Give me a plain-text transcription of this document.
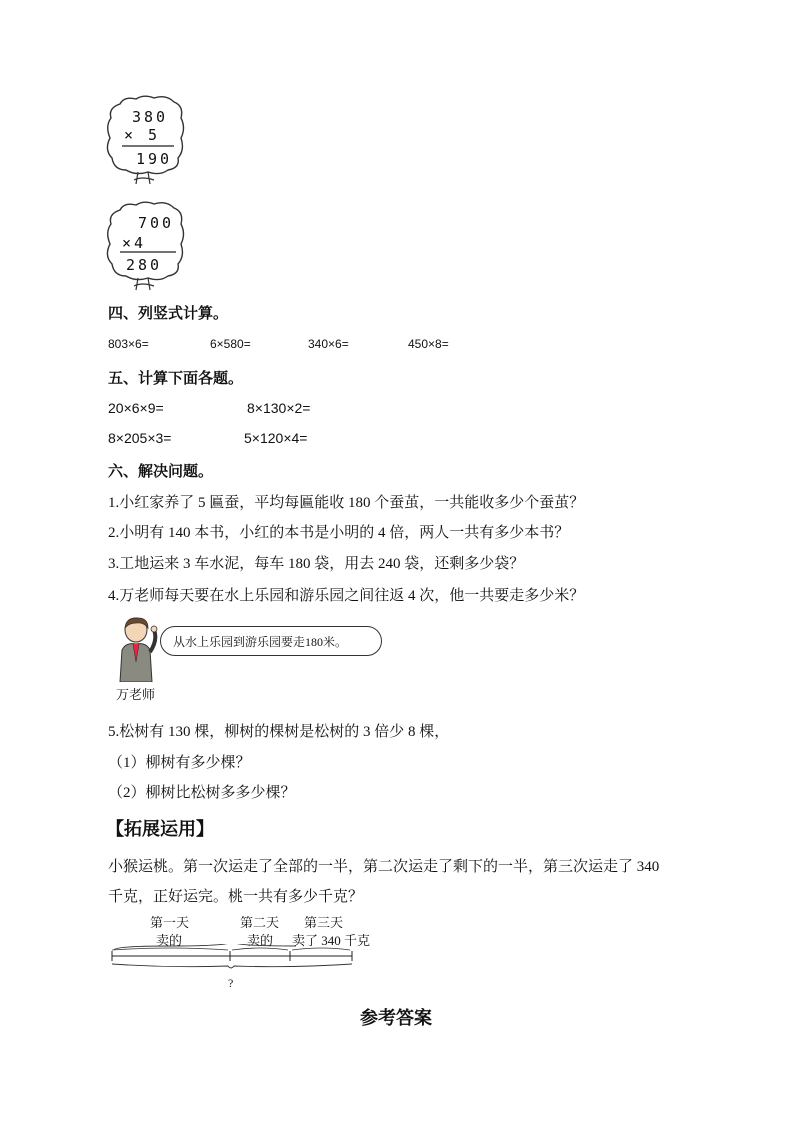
380
× 5
190
700
×4
280
四、列竖式计算。
803×6=	6×580=	340×6=	450×8=
五、计算下面各题。
20×6×9=	8×130×2=
8×205×3=	5×120×4=
六、解决问题。
1.小红家养了 5 匾蚕，平均每匾能收 180 个蚕茧，一共能收多少个蚕茧？
2.小明有 140 本书，小红的本书是小明的 4 倍，两人一共有多少本书？
3.工地运来 3 车水泥，每车 180 袋，用去 240 袋，还剩多少袋？
4.万老师每天要在水上乐园和游乐园之间往返 4 次，他一共要走多少米？
从水上乐园到游乐园要走180米。
万老师
5.松树有 130 棵，柳树的棵树是松树的 3 倍少 8 棵，
（1）柳树有多少棵？
（2）柳树比松树多多少棵？
【拓展运用】
小猴运桃。第一次运走了全部的一半，第二次运走了剩下的一半，第三次运走了 340
千克，正好运完。桃一共有多少千克？
第一天
卖的
第二天
卖的
第三天
卖了 340 千克
?
参考答案
